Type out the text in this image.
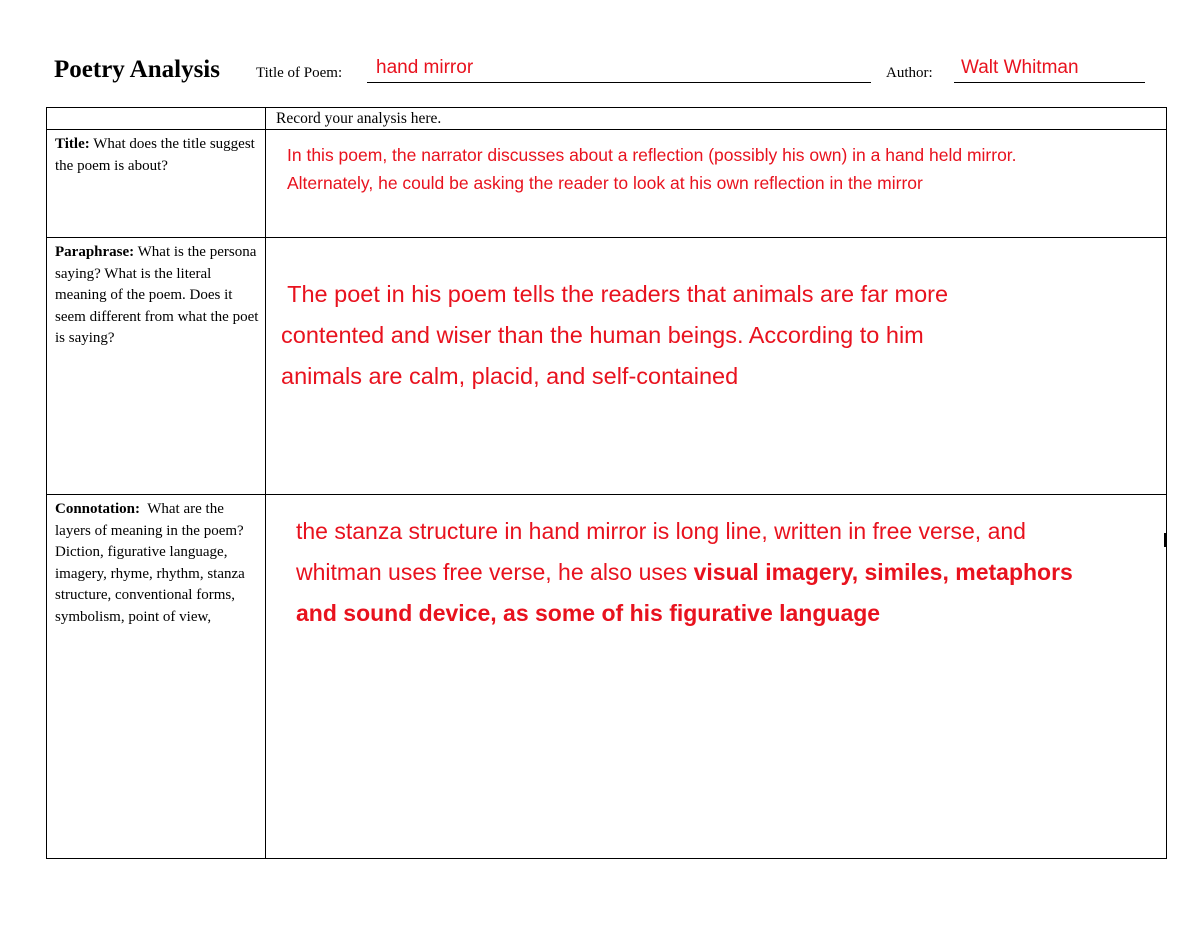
Poetry Analysis Title of Poem: hand mirror	Author: Walt Whitman

	Record your analysis here.

Title: What does the title suggest the poem is about?	In this poem, the narrator discusses about a reflection (possibly his own) in a hand held mirror.
Alternately, he could be asking the reader to look at his own reflection in the mirror

Paraphrase: What is the persona saying? What is the literal meaning of the poem. Does it seem different from what the poet is saying?	The poet in his poem tells the readers that animals are far more
contented and wiser than the human beings. According to him
animals are calm, placid, and self-contained

Connotation:  What are the layers of meaning in the poem? Diction, figurative language, imagery, rhyme, rhythm, stanza structure, conventional forms, symbolism, point of view,	the stanza structure in hand mirror is long line, written in free verse, and
whitman uses free verse, he also uses visual imagery, similes, metaphors
and sound device, as some of his figurative language
